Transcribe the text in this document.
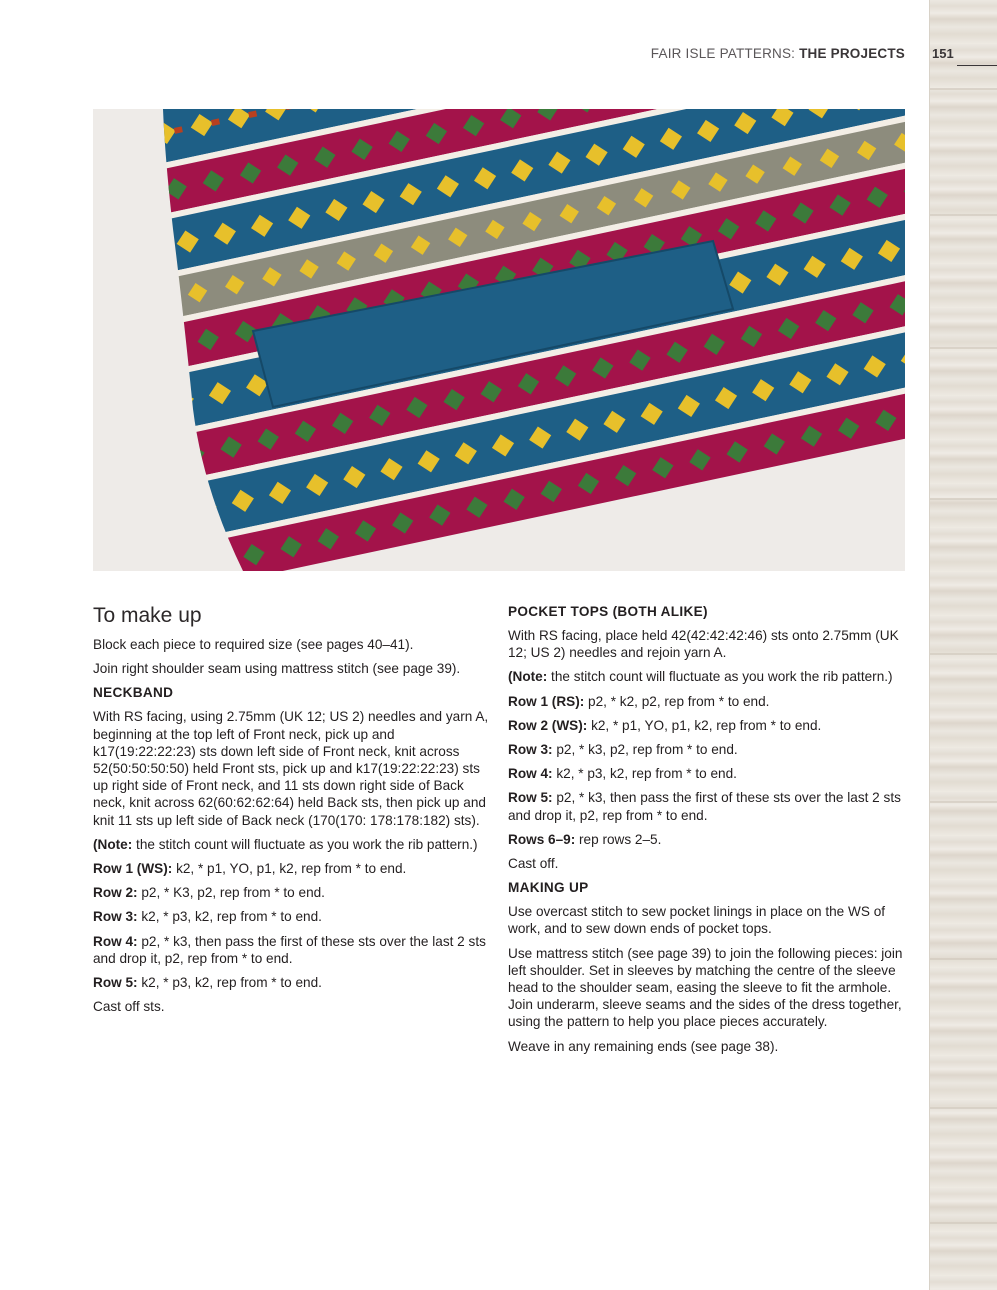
FAIR ISLE PATTERNS: THE PROJECTS 151
To make up

Block each piece to required size (see pages 40–41).

Join right shoulder seam using mattress stitch (see page 39).

NECKBAND

With RS facing, using 2.75mm (UK 12; US 2) needles and yarn A, beginning at the top left of Front neck, pick up and k17(19:22:22:23) sts down left side of Front neck, knit across 52(50:50:50:50) held Front sts, pick up and k17(19:22:22:23) sts up right side of Front neck, and 11 sts down right side of Back neck, knit across 62(60:62:62:64) held Back sts, then pick up and knit 11 sts up left side of Back neck (170(170: 178:178:182) sts).

(Note: the stitch count will fluctuate as you work the rib pattern.)

Row 1 (WS): k2, * p1, YO, p1, k2, rep from * to end.

Row 2: p2, * K3, p2, rep from * to end.

Row 3: k2, * p3, k2, rep from * to end.

Row 4: p2, * k3, then pass the first of these sts over the last 2 sts and drop it, p2, rep from * to end.

Row 5: k2, * p3, k2, rep from * to end.

Cast off sts.

POCKET TOPS (BOTH ALIKE)

With RS facing, place held 42(42:42:42:46) sts onto 2.75mm (UK 12; US 2) needles and rejoin yarn A.

(Note: the stitch count will fluctuate as you work the rib pattern.)

Row 1 (RS): p2, * k2, p2, rep from * to end.

Row 2 (WS): k2, * p1, YO, p1, k2, rep from * to end.

Row 3: p2, * k3, p2, rep from * to end.

Row 4: k2, * p3, k2, rep from * to end.

Row 5: p2, * k3, then pass the first of these sts over the last 2 sts and drop it, p2, rep from * to end.

Rows 6–9: rep rows 2–5.

Cast off.

MAKING UP

Use overcast stitch to sew pocket linings in place on the WS of work, and to sew down ends of pocket tops.

Use mattress stitch (see page 39) to join the following pieces: join left shoulder. Set in sleeves by matching the centre of the sleeve head to the shoulder seam, easing the sleeve to fit the armhole. Join underarm, sleeve seams and the sides of the dress together, using the pattern to help you place pieces accurately.

Weave in any remaining ends (see page 38).
